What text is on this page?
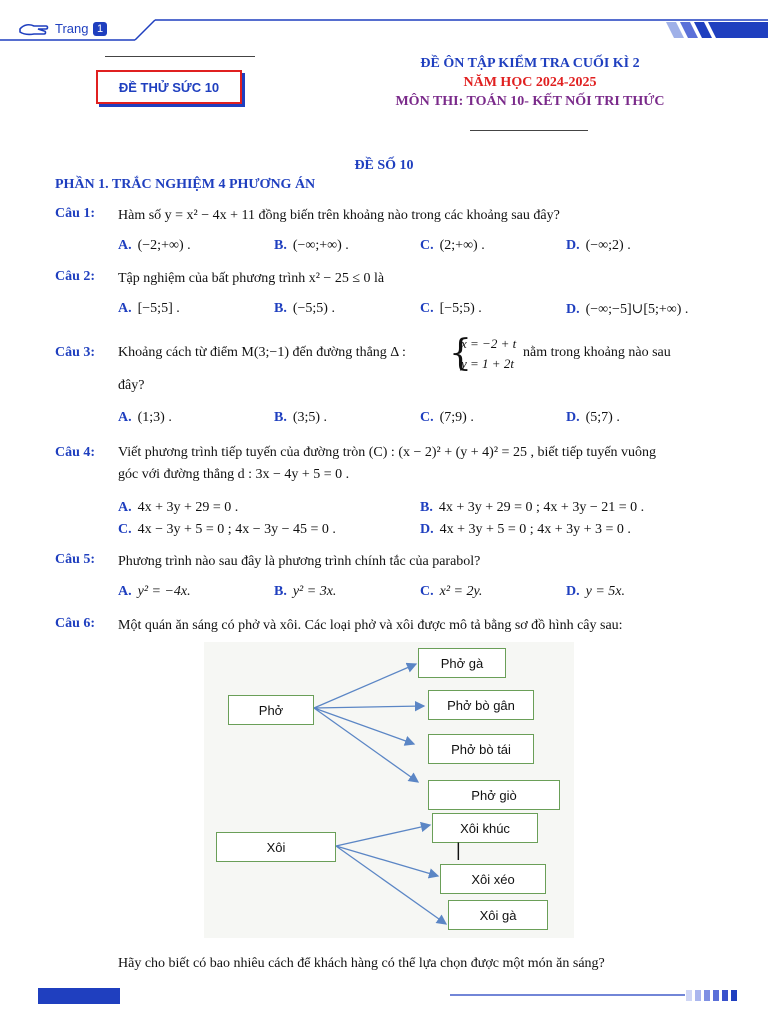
Trang 1
ĐỀ THỬ SỨC 10
ĐỀ ÔN TẬP KIỂM TRA CUỐI KÌ 2
NĂM HỌC 2024-2025
MÔN THI: TOÁN 10- KẾT NỐI TRI THỨC
ĐỀ SỐ 10
PHẦN 1. TRẮC NGHIỆM 4 PHƯƠNG ÁN
Câu 1: Hàm số y = x² − 4x + 11 đồng biến trên khoảng nào trong các khoảng sau đây?
A. (−2;+∞) .	B. (−∞;+∞) .	C. (2;+∞) .	D. (−∞;2) .
Câu 2: Tập nghiệm của bất phương trình x² − 25 ≤ 0 là
A. [−5;5] .	B. (−5;5) .	C. [−5;5) .	D. (−∞;−5]∪[5;+∞) .
Câu 3: Khoảng cách từ điểm M(3;−1) đến đường thẳng Δ : {
x = −2 + t
y = 1 + 2t
nằm trong khoảng nào sau
đây?
A. (1;3) .	B. (3;5) .	C. (7;9) .	D. (5;7) .
Câu 4: Viết phương trình tiếp tuyến của đường tròn (C) : (x − 2)² + (y + 4)² = 25 , biết tiếp tuyến vuông
góc với đường thẳng d : 3x − 4y + 5 = 0 .
A. 4x + 3y + 29 = 0 .	B. 4x + 3y + 29 = 0 ; 4x + 3y − 21 = 0 .
C. 4x − 3y + 5 = 0 ; 4x − 3y − 45 = 0 .	D. 4x + 3y + 5 = 0 ; 4x + 3y + 3 = 0 .
Câu 5: Phương trình nào sau đây là phương trình chính tắc của parabol?
A. y² = −4x.	B. y² = 3x.	C. x² = 2y.	D. y = 5x.
Câu 6: Một quán ăn sáng có phở và xôi. Các loại phở và xôi được mô tả bằng sơ đồ hình cây sau:
Phở
Phở gà
Phở bò gân
Phở bò tái
Phở giò
Xôi
Xôi khúc
|
Xôi xéo
Xôi gà
Hãy cho biết có bao nhiêu cách để khách hàng có thể lựa chọn được một món ăn sáng?
